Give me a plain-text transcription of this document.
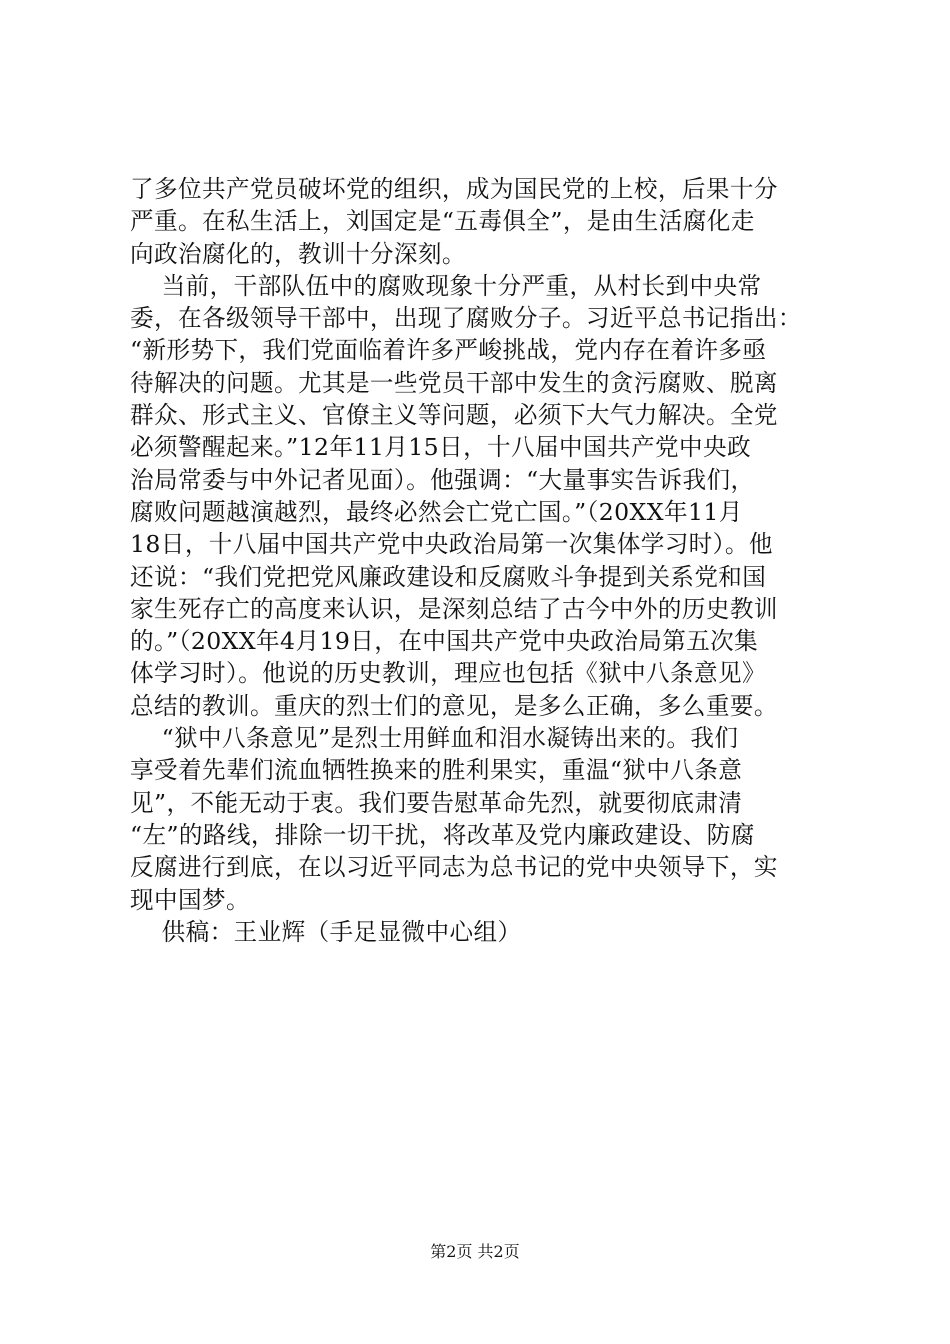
了多位共产党员破坏党的组织，成为国民党的上校，后果十分
严重。在私生活上，刘国定是“五毒俱全”，是由生活腐化走
向政治腐化的，教训十分深刻。
当前，干部队伍中的腐败现象十分严重，从村长到中央常
委，在各级领导干部中，出现了腐败分子。习近平总书记指出：
“新形势下，我们党面临着许多严峻挑战，党内存在着许多亟
待解决的问题。尤其是一些党员干部中发生的贪污腐败、脱离
群众、形式主义、官僚主义等问题，必须下大气力解决。全党
必须警醒起来。”12年11月15日，十八届中国共产党中央政
治局常委与中外记者见面）。他强调：“大量事实告诉我们，
腐败问题越演越烈，最终必然会亡党亡国。”（20XX年11月
18日，十八届中国共产党中央政治局第一次集体学习时）。他
还说：“我们党把党风廉政建设和反腐败斗争提到关系党和国
家生死存亡的高度来认识，是深刻总结了古今中外的历史教训
的。”（20XX年4月19日，在中国共产党中央政治局第五次集
体学习时）。他说的历史教训，理应也包括《狱中八条意见》
总结的教训。重庆的烈士们的意见，是多么正确，多么重要。
“狱中八条意见”是烈士用鲜血和泪水凝铸出来的。我们
享受着先辈们流血牺牲换来的胜利果实，重温“狱中八条意
见”，不能无动于衷。我们要告慰革命先烈，就要彻底肃清
“左”的路线，排除一切干扰，将改革及党内廉政建设、防腐
反腐进行到底，在以习近平同志为总书记的党中央领导下，实
现中国梦。
供稿：王业辉（手足显微中心组）
第2页 共2页
